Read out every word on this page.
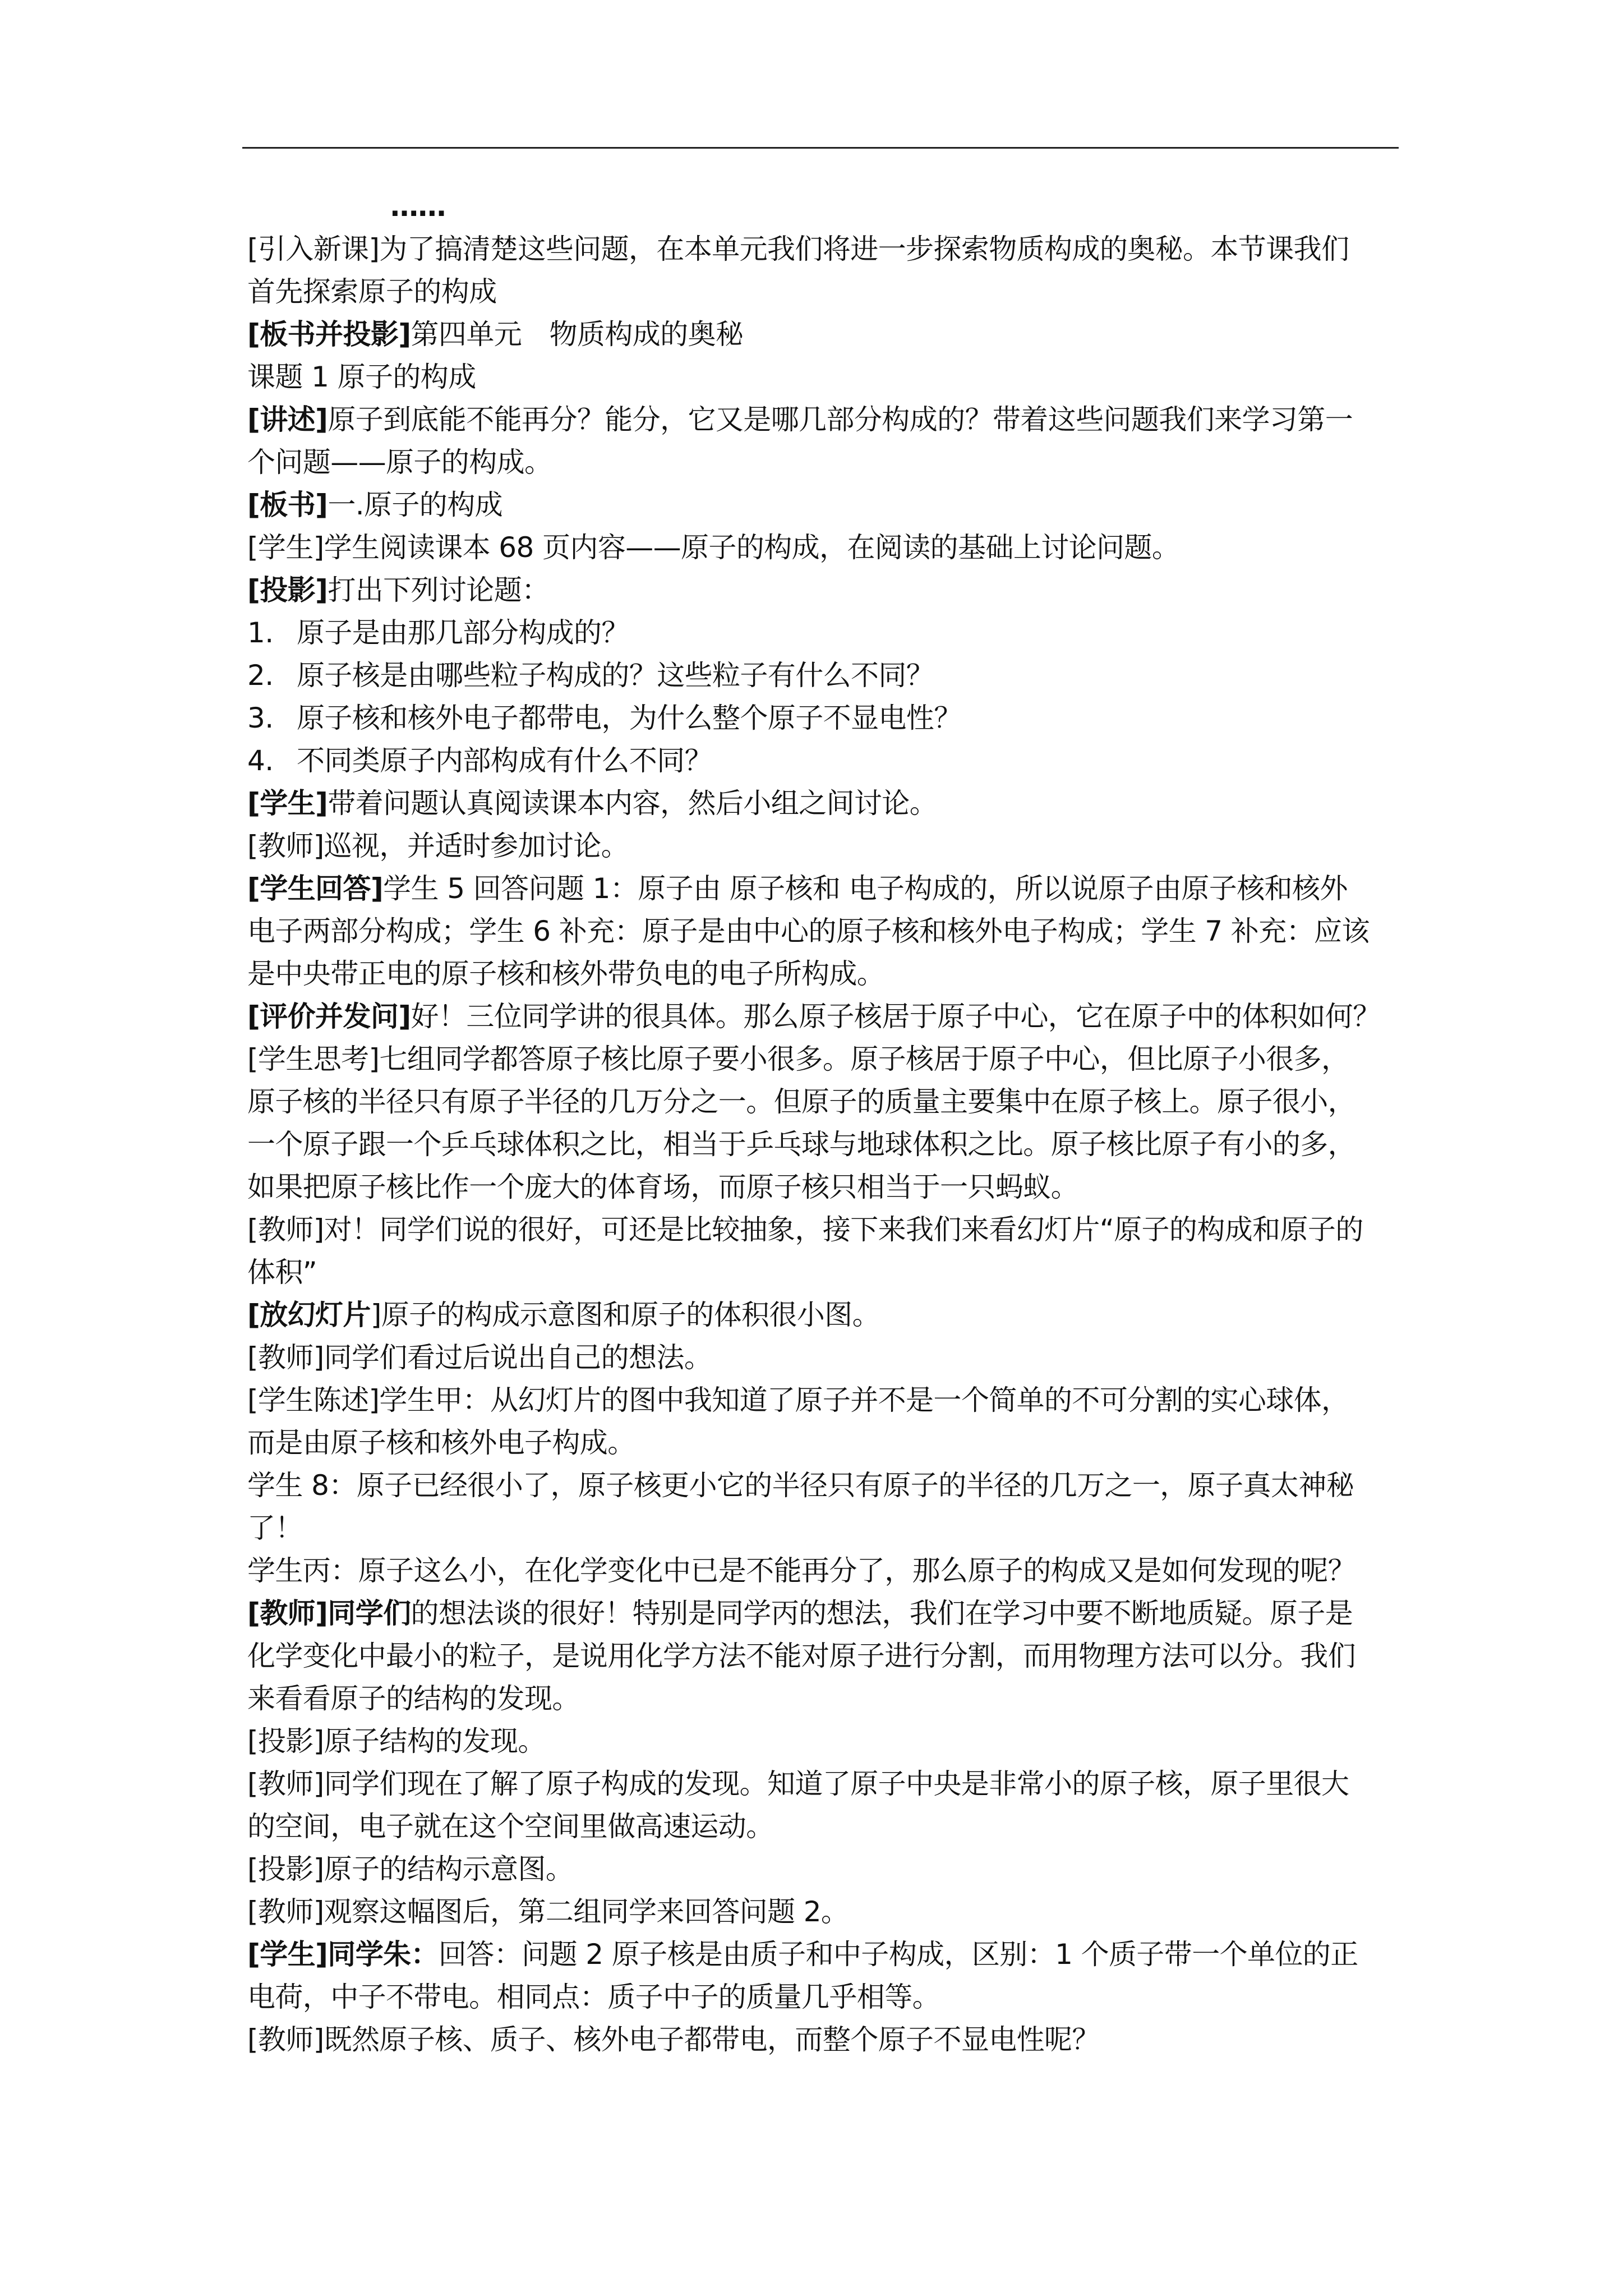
……
[引入新课]为了搞清楚这些问题，在本单元我们将进一步探索物质构成的奥秘。本节课我们
首先探索原子的构成
[板书并投影]第四单元　物质构成的奥秘
课题 1 原子的构成
[讲述]原子到底能不能再分？能分，它又是哪几部分构成的？带着这些问题我们来学习第一
个问题——原子的构成。
[板书]一.原子的构成
[学生]学生阅读课本 68 页内容——原子的构成，在阅读的基础上讨论问题。
[投影]打出下列讨论题：
1. 原子是由那几部分构成的？
2. 原子核是由哪些粒子构成的？这些粒子有什么不同？
3. 原子核和核外电子都带电，为什么整个原子不显电性？
4. 不同类原子内部构成有什么不同？
[学生]带着问题认真阅读课本内容，然后小组之间讨论。
[教师]巡视，并适时参加讨论。
[学生回答]学生 5 回答问题 1：原子由 原子核和 电子构成的，所以说原子由原子核和核外
电子两部分构成；学生 6 补充：原子是由中心的原子核和核外电子构成；学生 7 补充：应该
是中央带正电的原子核和核外带负电的电子所构成。
[评价并发问]好！三位同学讲的很具体。那么原子核居于原子中心，它在原子中的体积如何？
[学生思考]七组同学都答原子核比原子要小很多。原子核居于原子中心，但比原子小很多，
原子核的半径只有原子半径的几万分之一。但原子的质量主要集中在原子核上。原子很小，
一个原子跟一个乒乓球体积之比，相当于乒乓球与地球体积之比。原子核比原子有小的多，
如果把原子核比作一个庞大的体育场，而原子核只相当于一只蚂蚁。
[教师]对！同学们说的很好，可还是比较抽象，接下来我们来看幻灯片“原子的构成和原子的
体积”
[放幻灯片]原子的构成示意图和原子的体积很小图。
[教师]同学们看过后说出自己的想法。
[学生陈述]学生甲：从幻灯片的图中我知道了原子并不是一个简单的不可分割的实心球体，
而是由原子核和核外电子构成。
学生 8：原子已经很小了，原子核更小它的半径只有原子的半径的几万之一，原子真太神秘
了！
学生丙：原子这么小，在化学变化中已是不能再分了，那么原子的构成又是如何发现的呢？
[教师]同学们的想法谈的很好！特别是同学丙的想法，我们在学习中要不断地质疑。原子是
化学变化中最小的粒子，是说用化学方法不能对原子进行分割，而用物理方法可以分。我们
来看看原子的结构的发现。
[投影]原子结构的发现。
[教师]同学们现在了解了原子构成的发现。知道了原子中央是非常小的原子核，原子里很大
的空间，电子就在这个空间里做高速运动。
[投影]原子的结构示意图。
[教师]观察这幅图后，第二组同学来回答问题 2。
[学生]同学朱：回答：问题 2 原子核是由质子和中子构成，区别：1 个质子带一个单位的正
电荷，中子不带电。相同点：质子中子的质量几乎相等。
[教师]既然原子核、质子、核外电子都带电，而整个原子不显电性呢？
